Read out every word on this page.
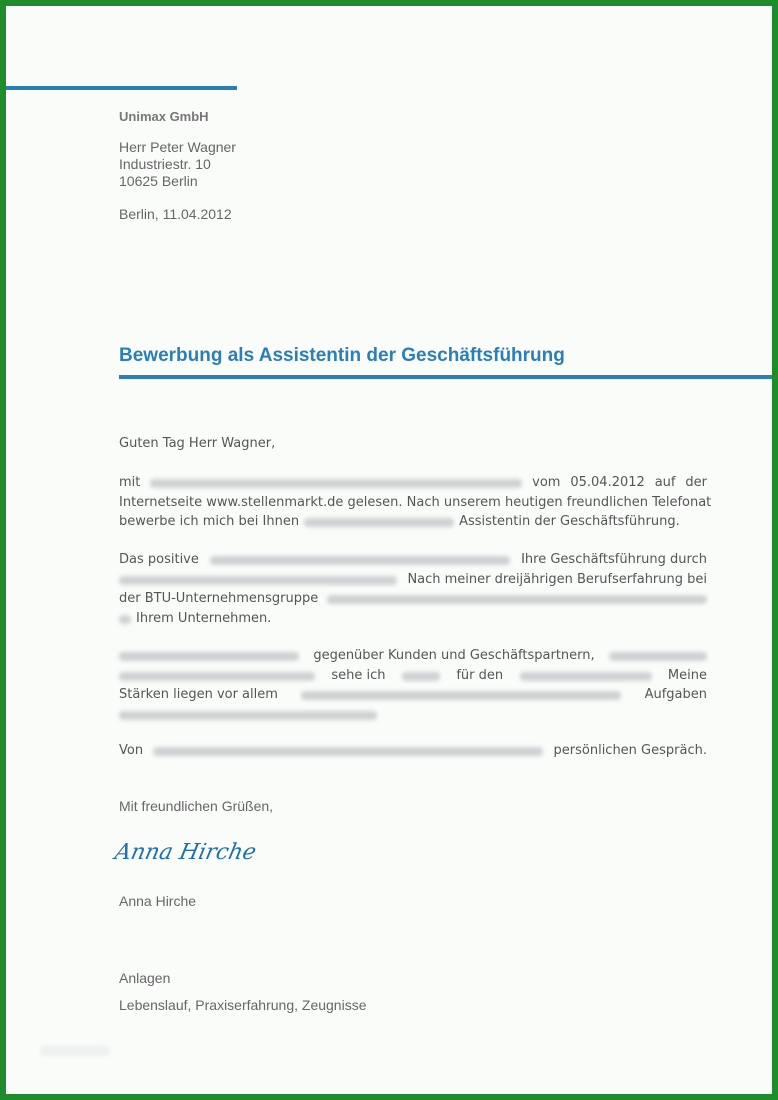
Unimax GmbH
Herr Peter Wagner
Industriestr. 10
10625 Berlin
Berlin, 11.04.2012
Bewerbung als Assistentin der Geschäftsführung
Guten Tag Herr Wagner,
mit	vom 05.04.2012 auf der
Internetseite www.stellenmarkt.de gelesen. Nach unserem heutigen freundlichen Telefonat
bewerbe ich mich bei Ihnen	Assistentin der Geschäftsführung.
Das positive	Ihre Geschäftsführung durch
Nach meiner dreijährigen Berufserfahrung bei
der BTU-Unternehmensgruppe
Ihrem Unternehmen.
gegenüber Kunden und Geschäftspartnern,
sehe ich	für den	Meine
Stärken liegen vor allem	Aufgaben
Von	persönlichen Gespräch.
Mit freundlichen Grüßen,
Anna Hirche
Anna Hirche
Anlagen
Lebenslauf, Praxiserfahrung, Zeugnisse
